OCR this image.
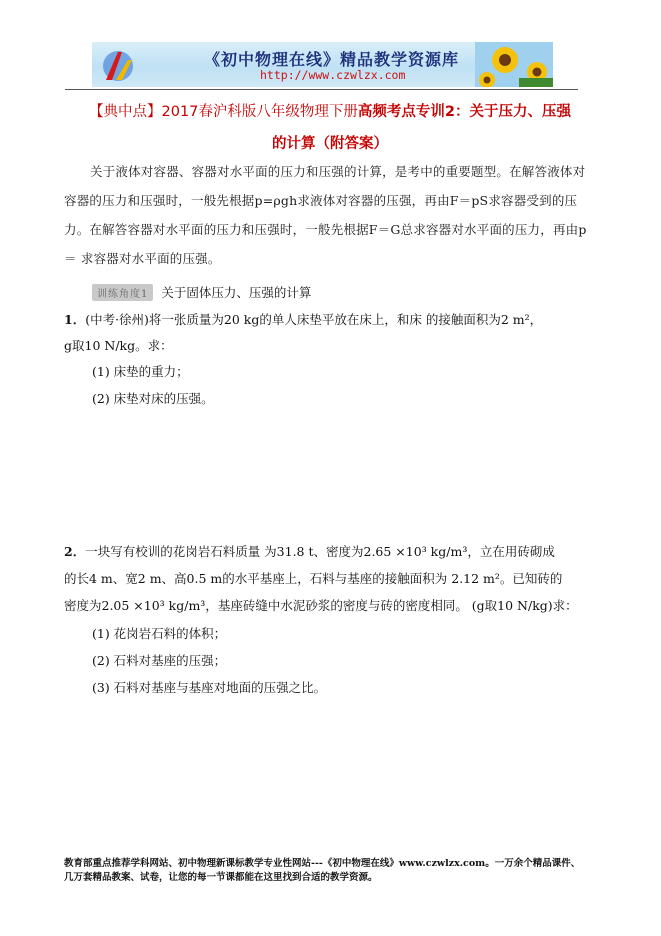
《初中物理在线》精品教学资源库
http://www.czwlzx.com
【典中点】2017春沪科版八年级物理下册高频考点专训2：关于压力、压强
的计算（附答案）
关于液体对容器、容器对水平面的压力和压强的计算，是考中的重要题型。在解答液体对容器的压力和压强时，一般先根据p=ρgh求液体对容器的压强，再由F＝pS求容器受到的压力。在解答容器对水平面的压力和压强时，一般先根据F＝G总求容器对水平面的压力，再由p＝ 求容器对水平面的压强。
训练角度1	关于固体压力、压强的计算
1．(中考·徐州)将一张质量为20 kg的单人床垫平放在床上，和床 的接触面积为2 m²，
g取10 N/kg。求：
(1) 床垫的重力；
(2) 床垫对床的压强。
2．一块写有校训的花岗岩石料质量 为31.8 t、密度为2.65 ×10³ kg/m³，立在用砖砌成
的长4 m、宽2 m、高0.5 m的水平基座上，石料与基座的接触面积为 2.12 m²。已知砖的
密度为2.05 ×10³ kg/m³，基座砖缝中水泥砂浆的密度与砖的密度相同。 (g取10 N/kg)求：
(1) 花岗岩石料的体积；
(2) 石料对基座的压强；
(3) 石料对基座与基座对地面的压强之比。
教育部重点推荐学科网站、初中物理新课标教学专业性网站---《初中物理在线》www.czwlzx.com。一万余个精品课件、
几万套精品教案、试卷，让您的每一节课都能在这里找到合适的教学资源。
